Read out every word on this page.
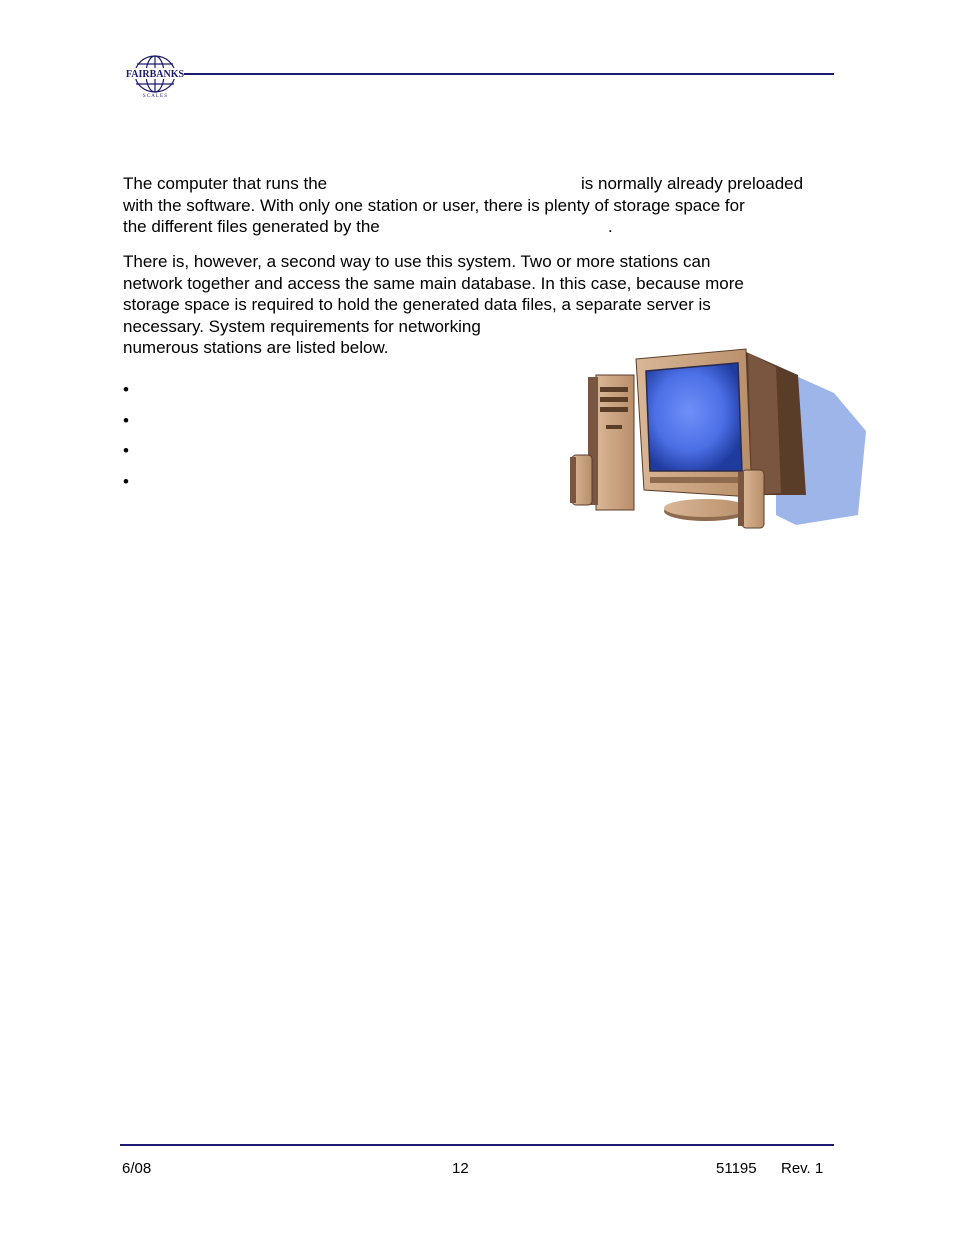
FAIRBANKS
S C A L E S
The computer that runs the	is normally already preloaded
with the software. With only one station or user, there is plenty of storage space for
the different files generated by the	.
There is, however, a second way to use this system. Two or more stations can
network together and access the same main database. In this case, because more
storage space is required to hold the generated data files, a separate server is
necessary. System requirements for networking
numerous stations are listed below.
•
•
•
•
6/08	12	51195 Rev. 1
